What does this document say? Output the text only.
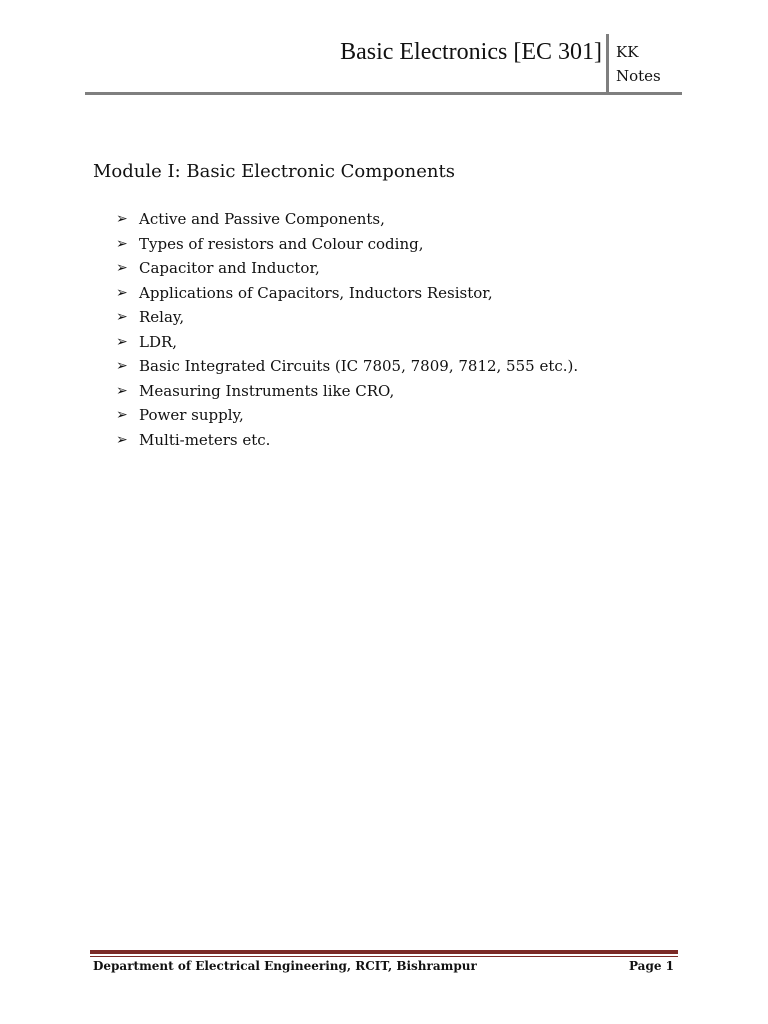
Basic Electronics [EC 301] KK
Notes
Module I: Basic Electronic Components
➢ Active and Passive Components,
➢ Types of resistors and Colour coding,
➢ Capacitor and Inductor,
➢ Applications of Capacitors, Inductors Resistor,
➢ Relay,
➢ LDR,
➢ Basic Integrated Circuits (IC 7805, 7809, 7812, 555 etc.).
➢ Measuring Instruments like CRO,
➢ Power supply,
➢ Multi-meters etc.
Department of Electrical Engineering, RCIT, Bishrampur	Page 1
